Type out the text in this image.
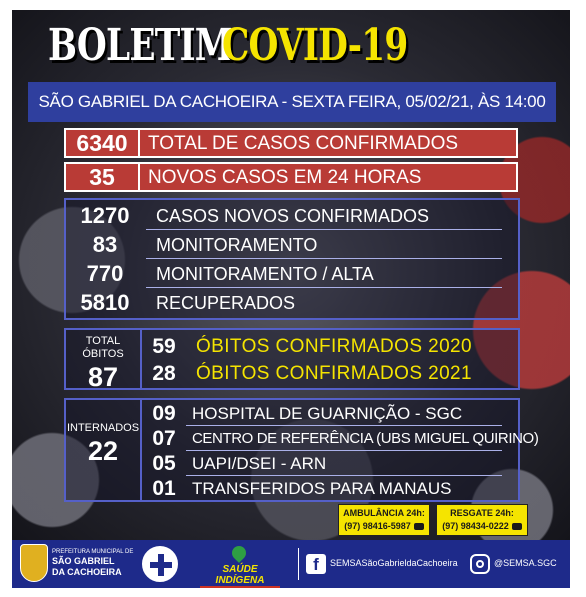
BOLETIM
COVID-19
SÃO GABRIEL DA CACHOEIRA - SEXTA FEIRA, 05/02/21, ÀS 14:00
6340	TOTAL DE CASOS CONFIRMADOS
35	NOVOS CASOS EM 24 HORAS
1270	CASOS NOVOS CONFIRMADOS
83	MONITORAMENTO
770	MONITORAMENTO / ALTA
5810	RECUPERADOS
TOTAL
ÓBITOS
87
59	ÓBITOS CONFIRMADOS 2020
28	ÓBITOS CONFIRMADOS 2021
INTERNADOS
22
09 HOSPITAL DE GUARNIÇÃO - SGC
07	CENTRO DE REFERÊNCIA (UBS MIGUEL QUIRINO)
05 UAPI/DSEI - ARN
01 TRANSFERIDOS PARA MANAUS
AMBULÂNCIA 24h:
(97) 98416-5987
RESGATE 24h:
(97) 98434-0222
PREFEITURA MUNICIPAL DE
SÃO GABRIEL
DA CACHOEIRA	SAÚDE INDÍGENA
f	SEMSASãoGabrieldaCachoeira	@SEMSA.SGC
